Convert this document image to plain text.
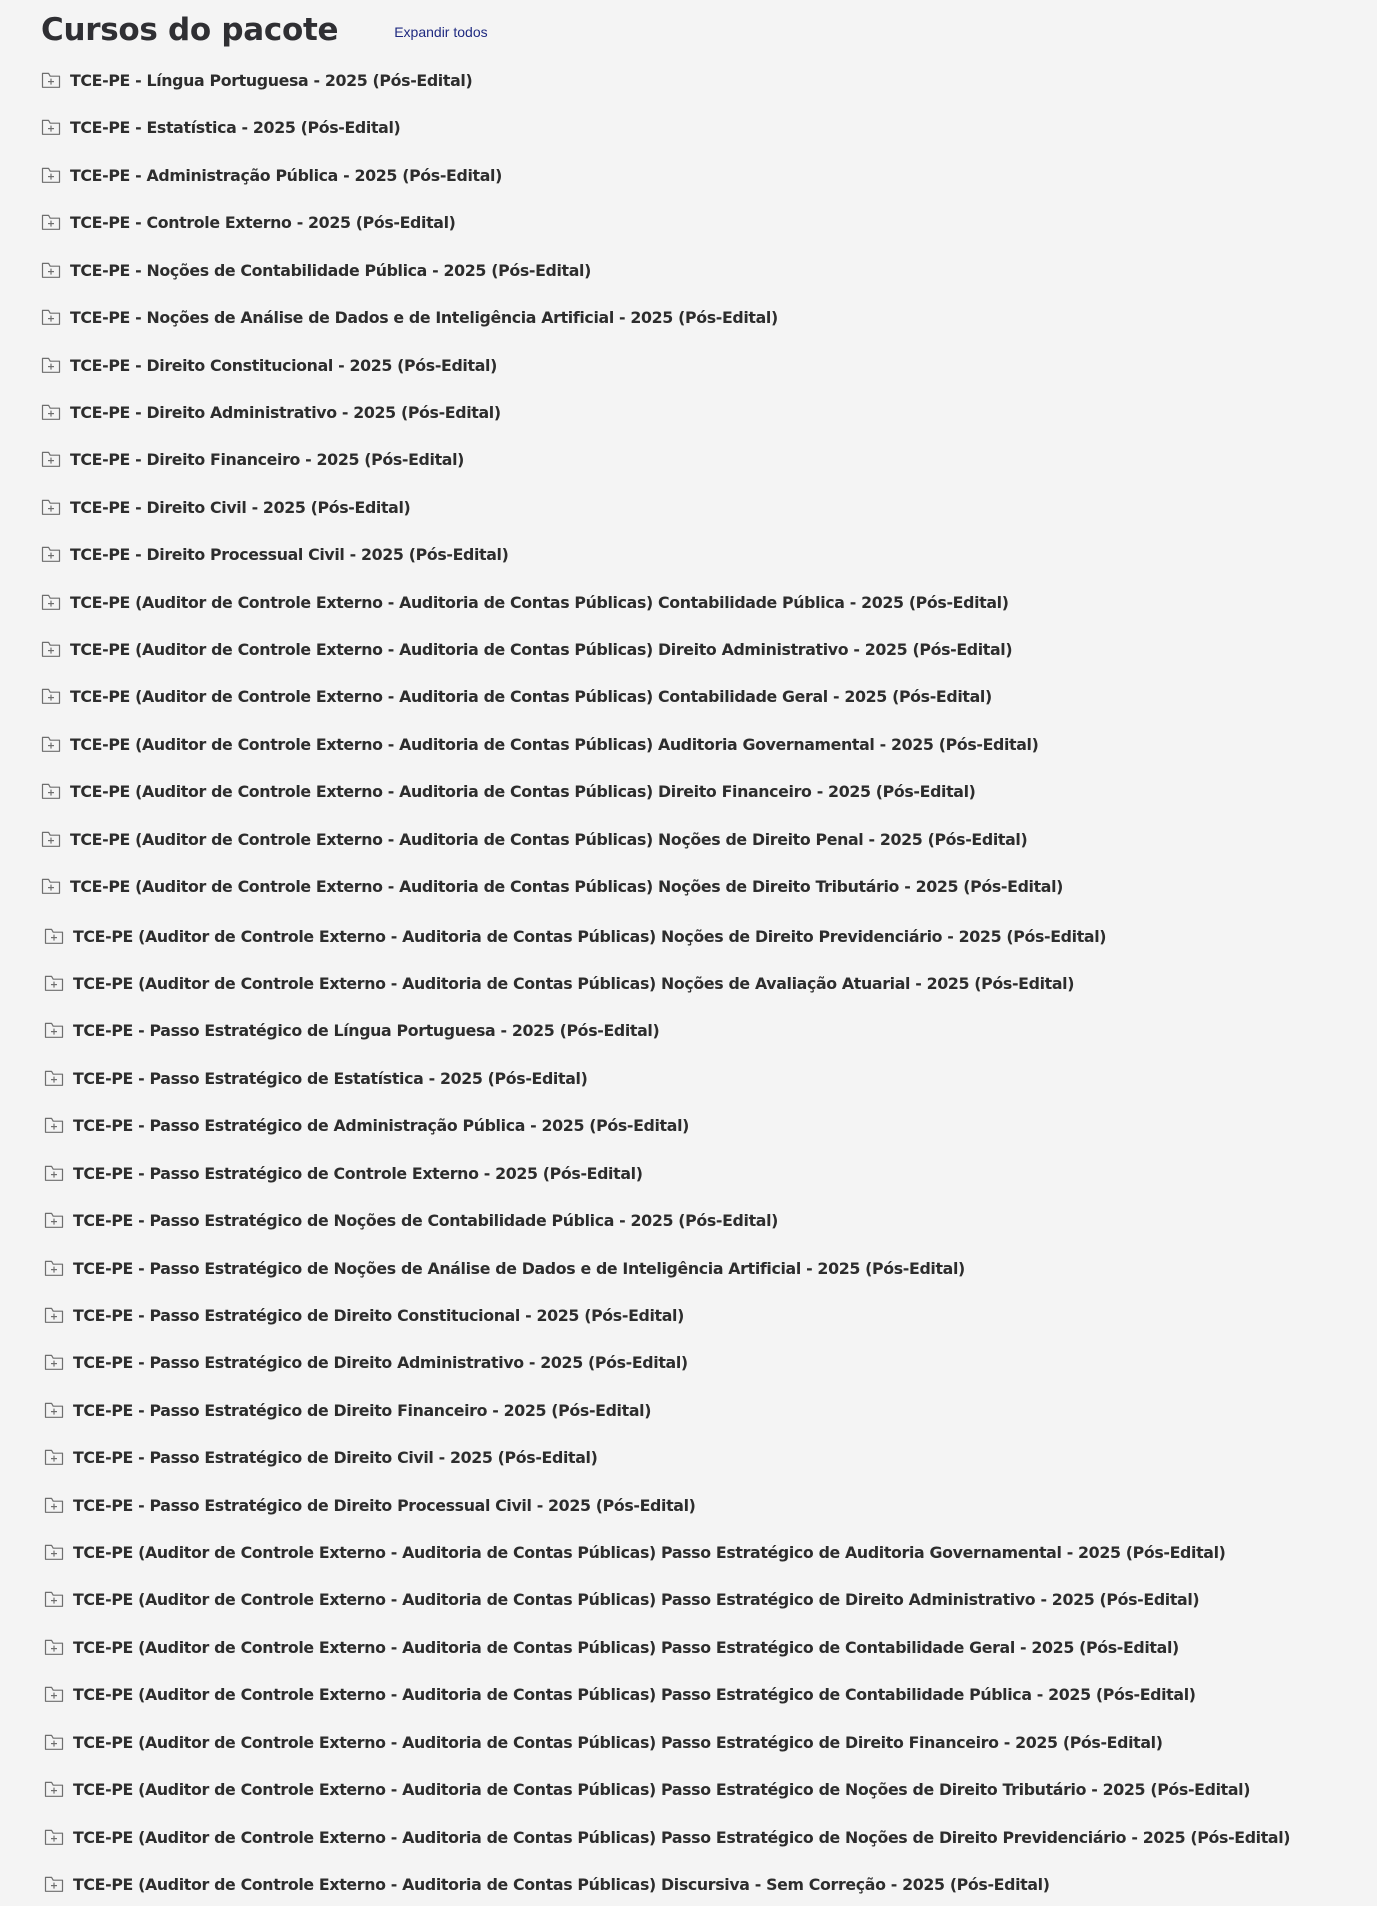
Cursos do pacote	Expandir todos
TCE-PE - Língua Portuguesa - 2025 (Pós-Edital)
TCE-PE - Estatística - 2025 (Pós-Edital)
TCE-PE - Administração Pública - 2025 (Pós-Edital)
TCE-PE - Controle Externo - 2025 (Pós-Edital)
TCE-PE - Noções de Contabilidade Pública - 2025 (Pós-Edital)
TCE-PE - Noções de Análise de Dados e de Inteligência Artificial - 2025 (Pós-Edital)
TCE-PE - Direito Constitucional - 2025 (Pós-Edital)
TCE-PE - Direito Administrativo - 2025 (Pós-Edital)
TCE-PE - Direito Financeiro - 2025 (Pós-Edital)
TCE-PE - Direito Civil - 2025 (Pós-Edital)
TCE-PE - Direito Processual Civil - 2025 (Pós-Edital)
TCE-PE (Auditor de Controle Externo - Auditoria de Contas Públicas) Contabilidade Pública - 2025 (Pós-Edital)
TCE-PE (Auditor de Controle Externo - Auditoria de Contas Públicas) Direito Administrativo - 2025 (Pós-Edital)
TCE-PE (Auditor de Controle Externo - Auditoria de Contas Públicas) Contabilidade Geral - 2025 (Pós-Edital)
TCE-PE (Auditor de Controle Externo - Auditoria de Contas Públicas) Auditoria Governamental - 2025 (Pós-Edital)
TCE-PE (Auditor de Controle Externo - Auditoria de Contas Públicas) Direito Financeiro - 2025 (Pós-Edital)
TCE-PE (Auditor de Controle Externo - Auditoria de Contas Públicas) Noções de Direito Penal - 2025 (Pós-Edital)
TCE-PE (Auditor de Controle Externo - Auditoria de Contas Públicas) Noções de Direito Tributário - 2025 (Pós-Edital)
TCE-PE (Auditor de Controle Externo - Auditoria de Contas Públicas) Noções de Direito Previdenciário - 2025 (Pós-Edital)
TCE-PE (Auditor de Controle Externo - Auditoria de Contas Públicas) Noções de Avaliação Atuarial - 2025 (Pós-Edital)
TCE-PE - Passo Estratégico de Língua Portuguesa - 2025 (Pós-Edital)
TCE-PE - Passo Estratégico de Estatística - 2025 (Pós-Edital)
TCE-PE - Passo Estratégico de Administração Pública - 2025 (Pós-Edital)
TCE-PE - Passo Estratégico de Controle Externo - 2025 (Pós-Edital)
TCE-PE - Passo Estratégico de Noções de Contabilidade Pública - 2025 (Pós-Edital)
TCE-PE - Passo Estratégico de Noções de Análise de Dados e de Inteligência Artificial - 2025 (Pós-Edital)
TCE-PE - Passo Estratégico de Direito Constitucional - 2025 (Pós-Edital)
TCE-PE - Passo Estratégico de Direito Administrativo - 2025 (Pós-Edital)
TCE-PE - Passo Estratégico de Direito Financeiro - 2025 (Pós-Edital)
TCE-PE - Passo Estratégico de Direito Civil - 2025 (Pós-Edital)
TCE-PE - Passo Estratégico de Direito Processual Civil - 2025 (Pós-Edital)
TCE-PE (Auditor de Controle Externo - Auditoria de Contas Públicas) Passo Estratégico de Auditoria Governamental - 2025 (Pós-Edital)
TCE-PE (Auditor de Controle Externo - Auditoria de Contas Públicas) Passo Estratégico de Direito Administrativo - 2025 (Pós-Edital)
TCE-PE (Auditor de Controle Externo - Auditoria de Contas Públicas) Passo Estratégico de Contabilidade Geral - 2025 (Pós-Edital)
TCE-PE (Auditor de Controle Externo - Auditoria de Contas Públicas) Passo Estratégico de Contabilidade Pública - 2025 (Pós-Edital)
TCE-PE (Auditor de Controle Externo - Auditoria de Contas Públicas) Passo Estratégico de Direito Financeiro - 2025 (Pós-Edital)
TCE-PE (Auditor de Controle Externo - Auditoria de Contas Públicas) Passo Estratégico de Noções de Direito Tributário - 2025 (Pós-Edital)
TCE-PE (Auditor de Controle Externo - Auditoria de Contas Públicas) Passo Estratégico de Noções de Direito Previdenciário - 2025 (Pós-Edital)
TCE-PE (Auditor de Controle Externo - Auditoria de Contas Públicas) Discursiva - Sem Correção - 2025 (Pós-Edital)
